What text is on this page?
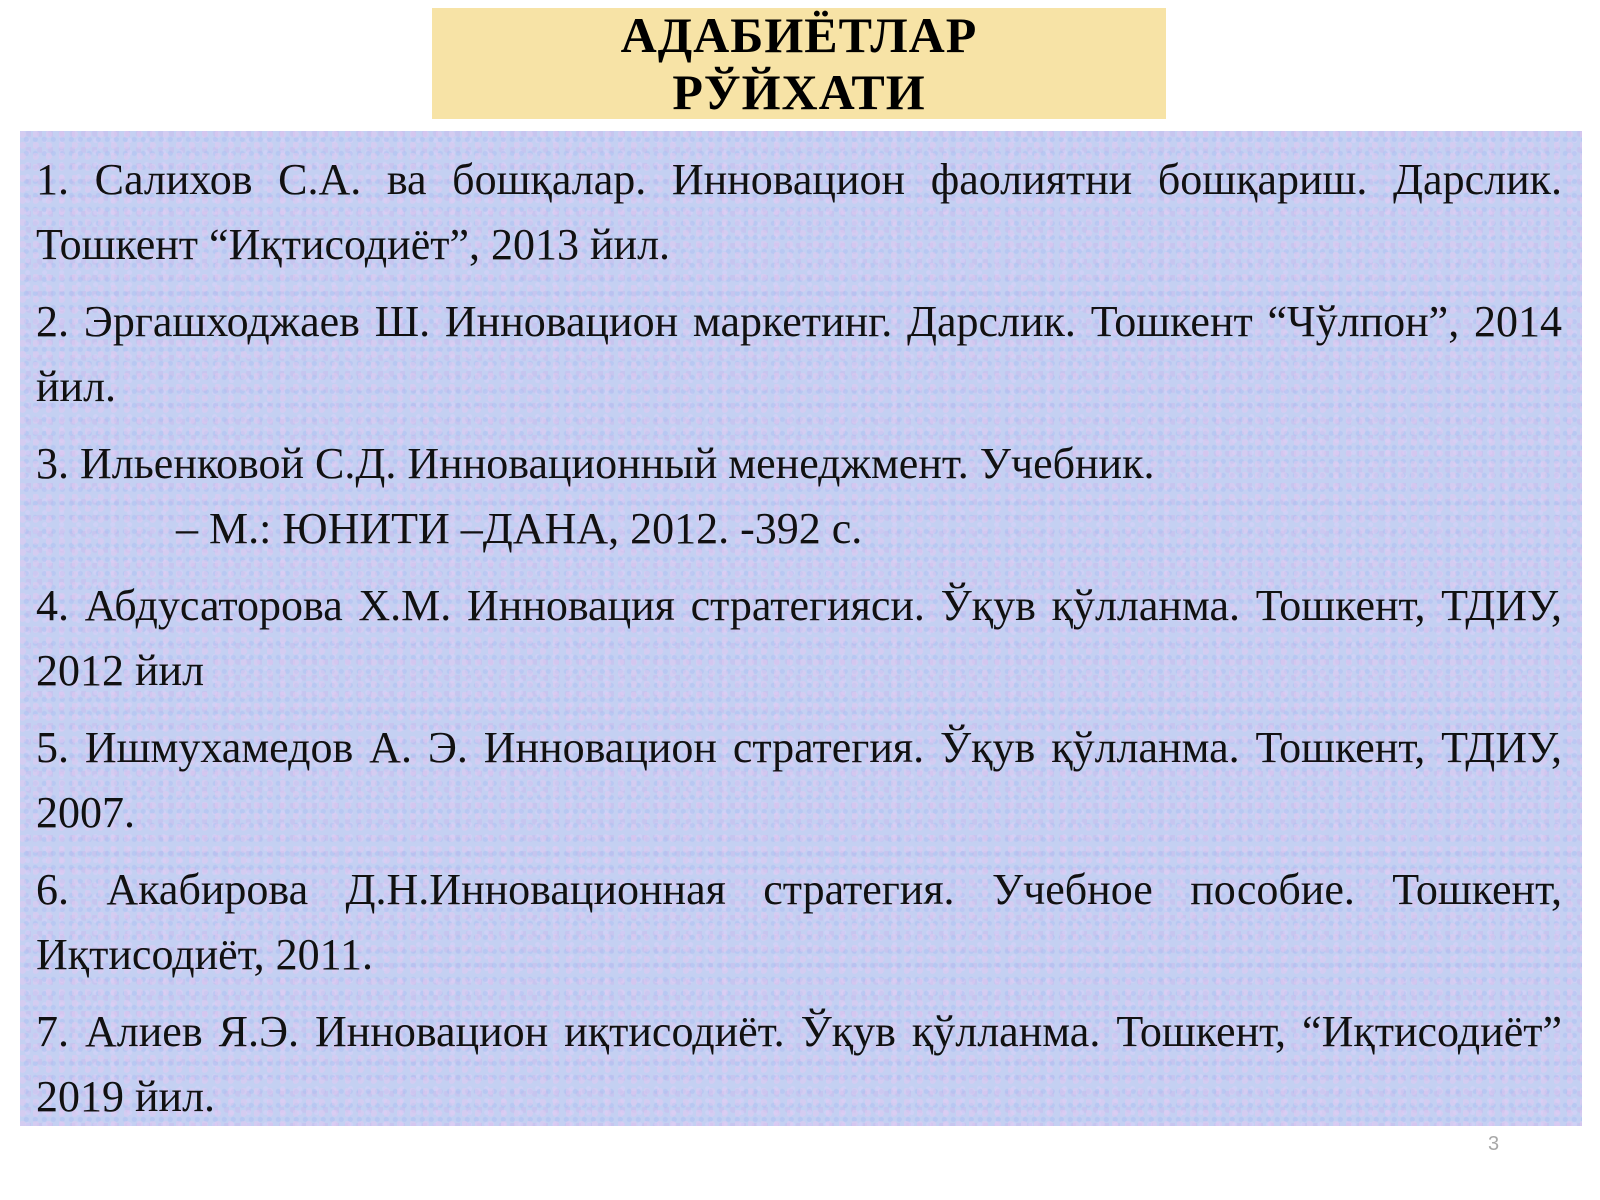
АДАБИЁТЛАР
РЎЙХАТИ
1. Салихов С.А. ва бошқалар. Инновацион фаолиятни бошқариш. Дарслик. Тошкент “Иқтисодиёт”, 2013 йил.
2. Эргашходжаев Ш. Инновацион маркетинг. Дарслик. Тошкент “Чўлпон”, 2014 йил.
3. Ильенковой С.Д. Инновационный менеджмент. Учебник.
– М.: ЮНИТИ –ДАНА, 2012. -392 с.
4. Абдусаторова Х.М. Инновация стратегияси. Ўқув қўлланма. Тошкент, ТДИУ, 2012 йил
5. Ишмухамедов А. Э. Инновацион стратегия. Ўқув қўлланма. Тошкент, ТДИУ, 2007.
6. Акабирова Д.Н.Инновационная стратегия. Учебное пособие. Тошкент, Иқтисодиёт, 2011.
7. Алиев Я.Э. Инновацион иқтисодиёт. Ўқув қўлланма. Тошкент, “Иқтисодиёт” 2019 йил.
3
